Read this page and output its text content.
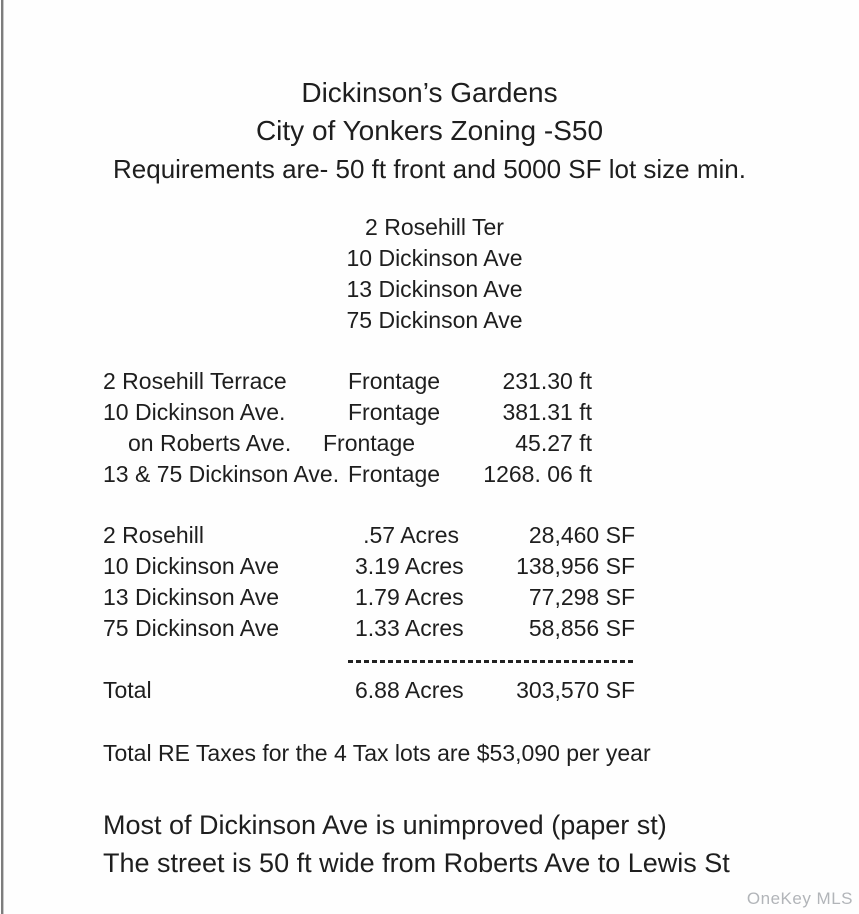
Dickinson’s Gardens
City of Yonkers Zoning -S50
Requirements are- 50 ft front and 5000 SF lot size min.
2 Rosehill Ter
10 Dickinson Ave
13 Dickinson Ave
75 Dickinson Ave
2 Rosehill Terrace	Frontage	231.30 ft
10 Dickinson Ave.	Frontage	381.31 ft
on Roberts Ave.	Frontage	45.27 ft
13 & 75 Dickinson Ave. Frontage	1268. 06 ft
2 Rosehill	.57 Acres	28,460 SF
10 Dickinson Ave	3.19 Acres	138,956 SF
13 Dickinson Ave	1.79 Acres	77,298 SF
75 Dickinson Ave	1.33 Acres	58,856 SF
Total	6.88 Acres	303,570 SF
Total RE Taxes for the 4 Tax lots are $53,090 per year
Most of Dickinson Ave is unimproved (paper st)
The street is 50 ft wide from Roberts Ave to Lewis St
OneKey MLS
